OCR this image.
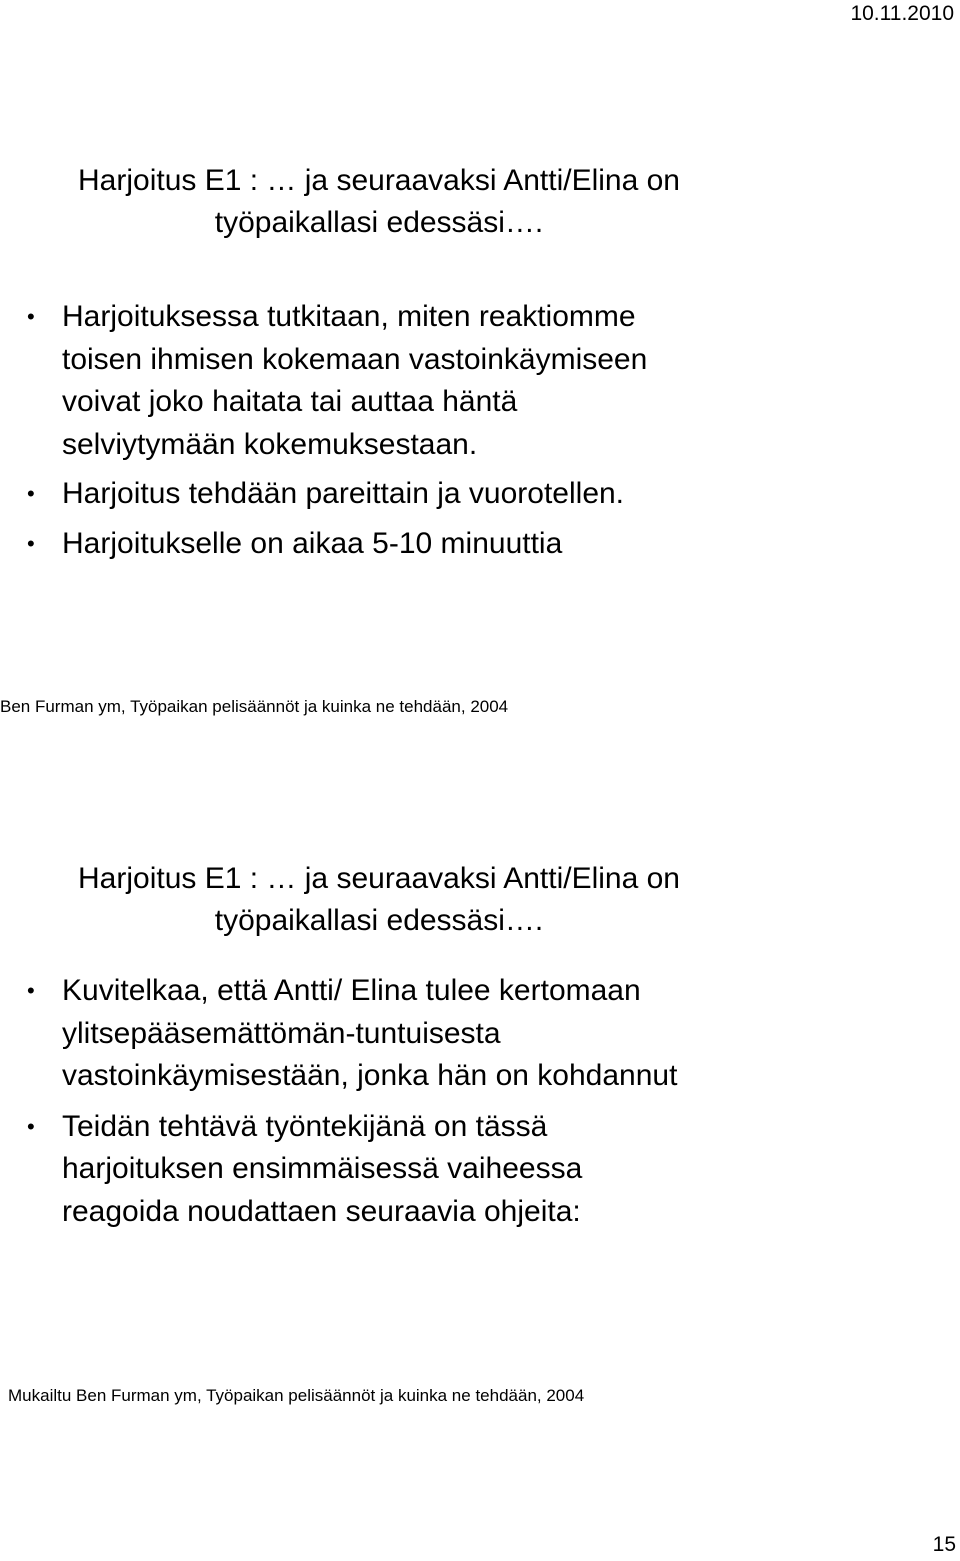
10.11.2010
Harjoitus E1 : … ja seuraavaksi Antti/Elina on
työpaikallasi edessäsi….
• Harjoituksessa tutkitaan, miten reaktiomme
toisen ihmisen kokemaan vastoinkäymiseen
voivat joko haitata tai auttaa häntä
selviytymään kokemuksestaan.
• Harjoitus tehdään pareittain ja vuorotellen.
• Harjoitukselle on aikaa 5-10 minuuttia
Ben Furman ym, Työpaikan pelisäännöt ja kuinka ne tehdään, 2004
Harjoitus E1 : … ja seuraavaksi Antti/Elina on
työpaikallasi edessäsi….
• Kuvitelkaa, että Antti/ Elina tulee kertomaan
ylitsepääsemättömän-tuntuisesta
vastoinkäymisestään, jonka hän on kohdannut
• Teidän tehtävä työntekijänä on tässä
harjoituksen ensimmäisessä vaiheessa
reagoida noudattaen seuraavia ohjeita:
Mukailtu Ben Furman ym, Työpaikan pelisäännöt ja kuinka ne tehdään, 2004
15
